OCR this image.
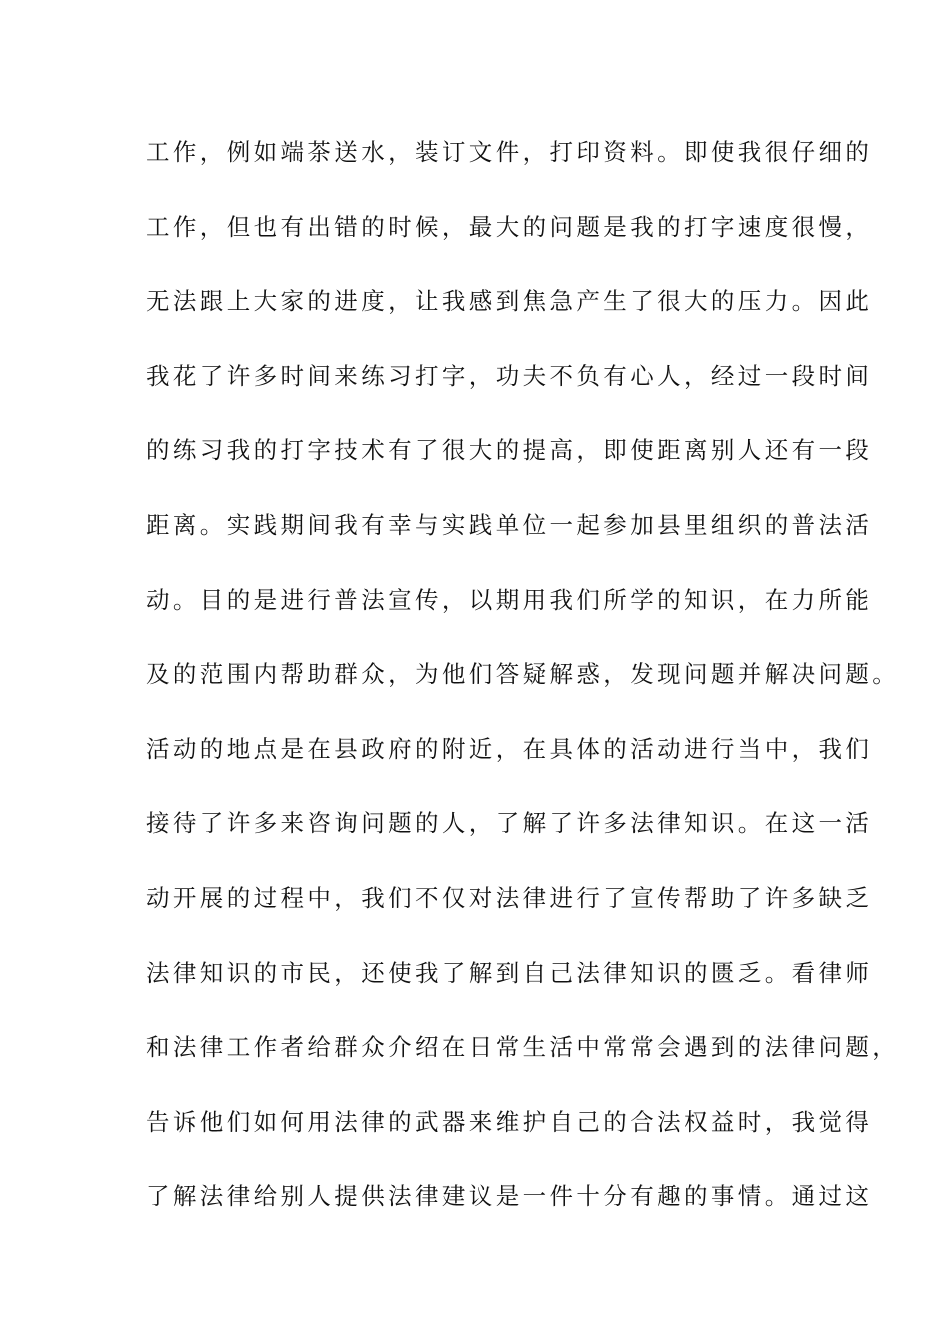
工作，例如端茶送水，装订文件，打印资料。即使我很仔细的
工作，但也有出错的时候，最大的问题是我的打字速度很慢，
无法跟上大家的进度，让我感到焦急产生了很大的压力。因此
我花了许多时间来练习打字，功夫不负有心人，经过一段时间
的练习我的打字技术有了很大的提高，即使距离别人还有一段
距离。实践期间我有幸与实践单位一起参加县里组织的普法活
动。目的是进行普法宣传，以期用我们所学的知识，在力所能
及的范围内帮助群众，为他们答疑解惑，发现问题并解决问题。
活动的地点是在县政府的附近，在具体的活动进行当中，我们
接待了许多来咨询问题的人，了解了许多法律知识。在这一活
动开展的过程中，我们不仅对法律进行了宣传帮助了许多缺乏
法律知识的市民，还使我了解到自己法律知识的匮乏。看律师
和法律工作者给群众介绍在日常生活中常常会遇到的法律问题，
告诉他们如何用法律的武器来维护自己的合法权益时，我觉得
了解法律给别人提供法律建议是一件十分有趣的事情。通过这
